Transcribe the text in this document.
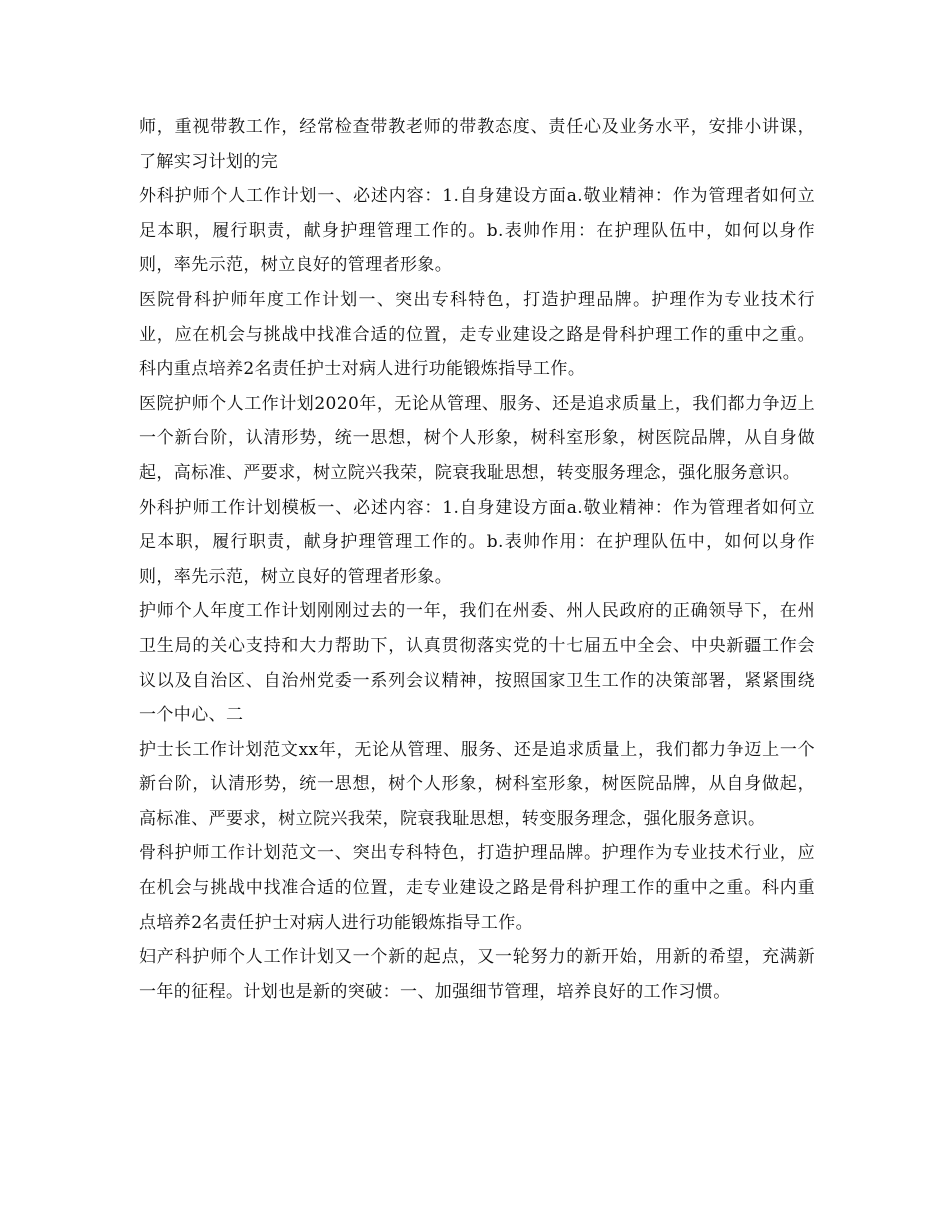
师，重视带教工作，经常检查带教老师的带教态度、责任心及业务水平，安排小讲课，了解实习计划的完

外科护师个人工作计划一、必述内容：1.自身建设方面a.敬业精神：作为管理者如何立足本职，履行职责，献身护理管理工作的。b.表帅作用：在护理队伍中，如何以身作则，率先示范，树立良好的管理者形象。

医院骨科护师年度工作计划一、突出专科特色，打造护理品牌。护理作为专业技术行业，应在机会与挑战中找准合适的位置，走专业建设之路是骨科护理工作的重中之重。科内重点培养2名责任护士对病人进行功能锻炼指导工作。

医院护师个人工作计划2020年，无论从管理、服务、还是追求质量上，我们都力争迈上一个新台阶，认清形势，统一思想，树个人形象，树科室形象，树医院品牌，从自身做起，高标准、严要求，树立院兴我荣，院衰我耻思想，转变服务理念，强化服务意识。

外科护师工作计划模板一、必述内容：1.自身建设方面a.敬业精神：作为管理者如何立足本职，履行职责，献身护理管理工作的。b.表帅作用：在护理队伍中，如何以身作则，率先示范，树立良好的管理者形象。

护师个人年度工作计划刚刚过去的一年，我们在州委、州人民政府的正确领导下，在州卫生局的关心支持和大力帮助下，认真贯彻落实党的十七届五中全会、中央新疆工作会议以及自治区、自治州党委一系列会议精神，按照国家卫生工作的决策部署，紧紧围绕一个中心、二

护士长工作计划范文xx年，无论从管理、服务、还是追求质量上，我们都力争迈上一个新台阶，认清形势，统一思想，树个人形象，树科室形象，树医院品牌，从自身做起，高标准、严要求，树立院兴我荣，院衰我耻思想，转变服务理念，强化服务意识。

骨科护师工作计划范文一、突出专科特色，打造护理品牌。护理作为专业技术行业，应在机会与挑战中找准合适的位置，走专业建设之路是骨科护理工作的重中之重。科内重点培养2名责任护士对病人进行功能锻炼指导工作。

妇产科护师个人工作计划又一个新的起点，又一轮努力的新开始，用新的希望，充满新一年的征程。计划也是新的突破：一、加强细节管理，培养良好的工作习惯。
